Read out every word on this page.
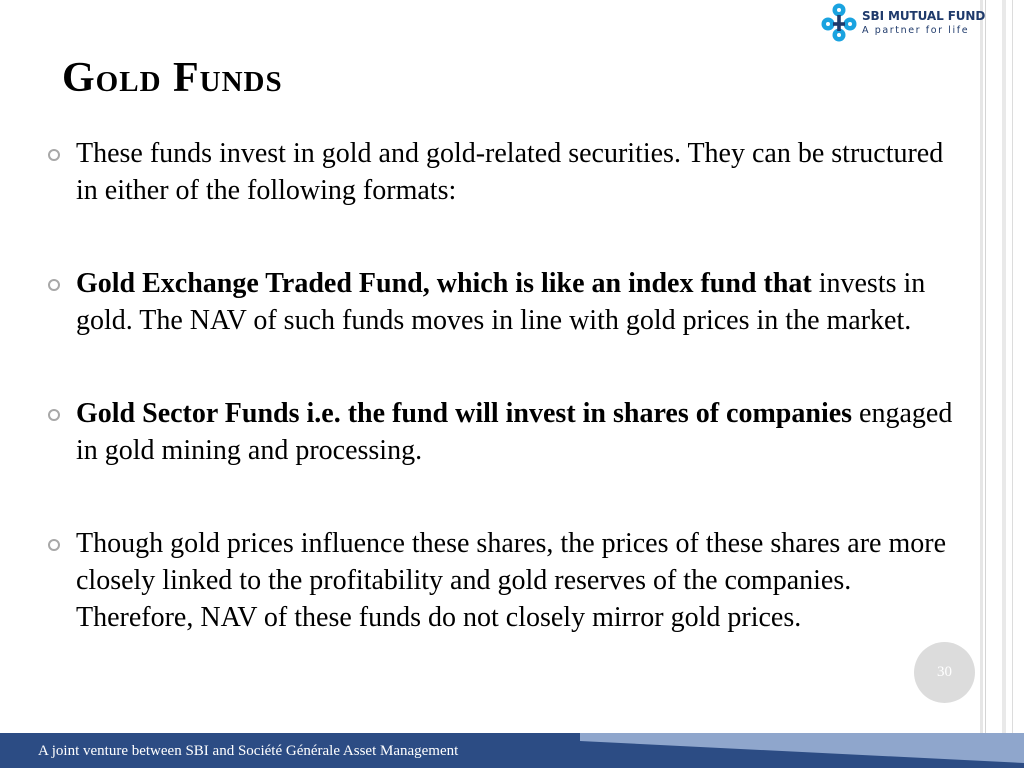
SBI MUTUAL FUND
A partner for life
Gold Funds
These funds invest in gold and gold-related securities. They can be structured in either of the following formats:
Gold Exchange Traded Fund, which is like an index fund that invests in gold. The NAV of such funds moves in line with gold prices in the market.
Gold Sector Funds i.e. the fund will invest in shares of companies engaged in gold mining and processing.
Though gold prices influence these shares, the prices of these shares are more closely linked to the profitability and gold reserves of the companies. Therefore, NAV of these funds do not closely mirror gold prices.
30
A joint venture between SBI and Société Générale Asset Management
